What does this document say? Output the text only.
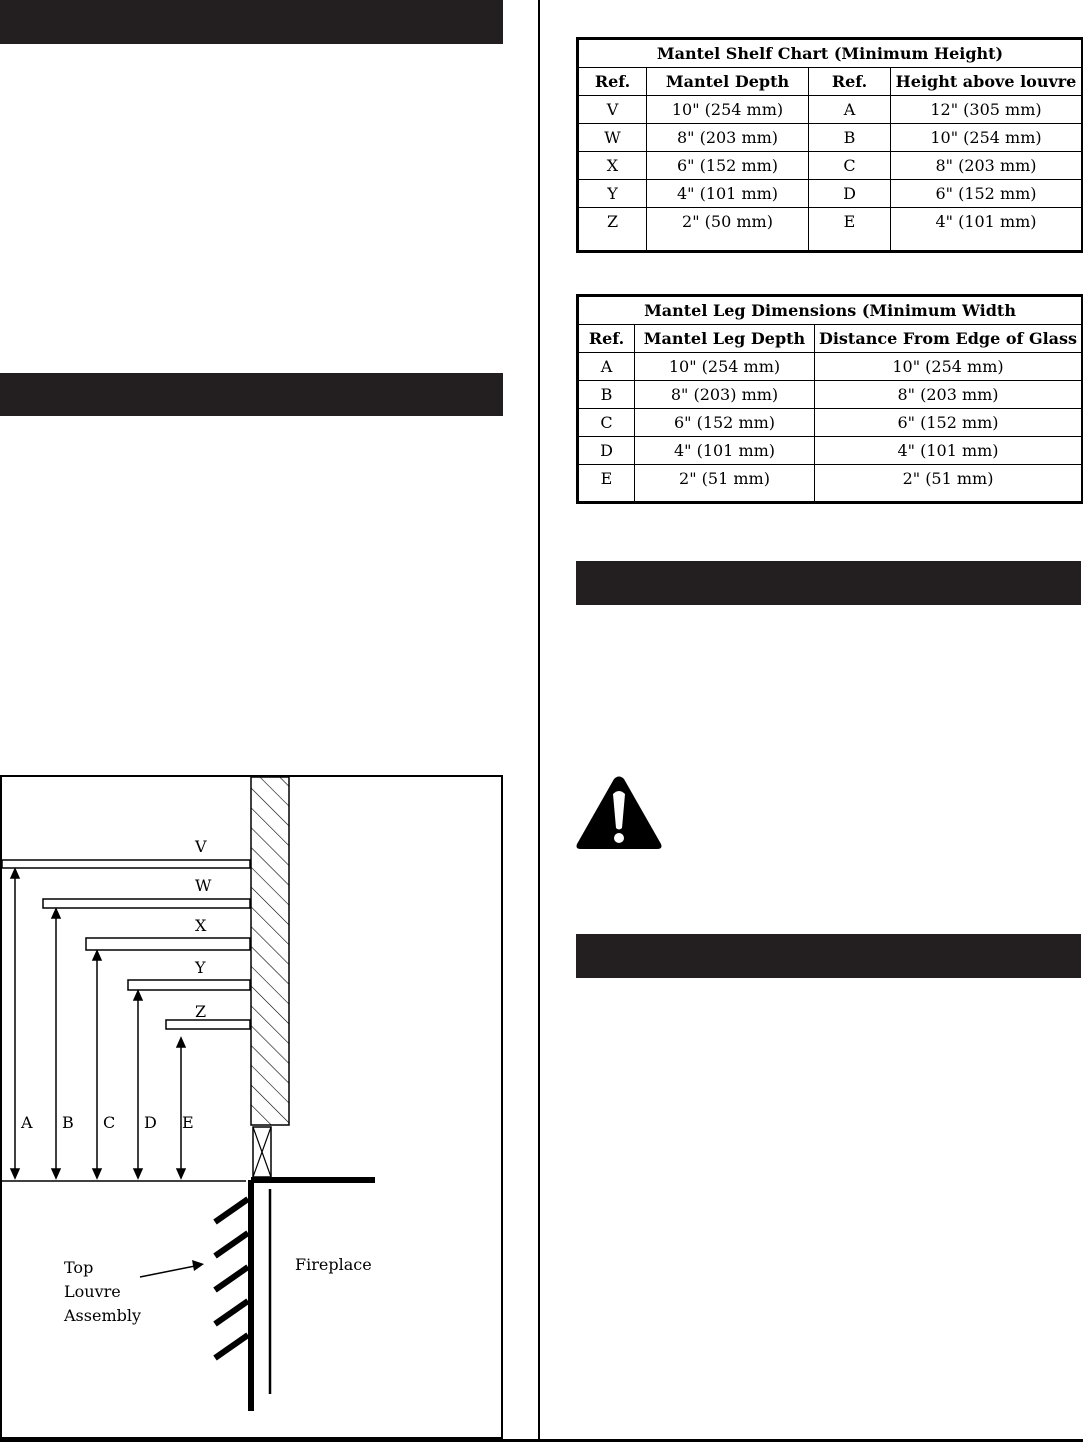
Mantel Shelf Chart (Minimum Height)			
Ref.	Mantel Depth	Ref.	Height above louvre
V	10" (254 mm)	A	12" (305 mm)
W	8" (203 mm)	B	10" (254 mm)
X	6" (152 mm)	C	8" (203 mm)
Y	4" (101 mm)	D	6" (152 mm)
Z	2" (50 mm)	E	4" (101 mm)
Mantel Leg Dimensions (Minimum Width		
Ref.	Mantel Leg Depth	Distance From Edge of Glass
A	10" (254 mm)	10" (254 mm)
B	8" (203) mm)	8" (203 mm)
C	6" (152 mm)	6" (152 mm)
D	4" (101 mm)	4" (101 mm)
E	2" (51 mm)	2" (51 mm)
V
W
X
Y
Z
A B C D E
Top
Louvre
Assembly
Fireplace
